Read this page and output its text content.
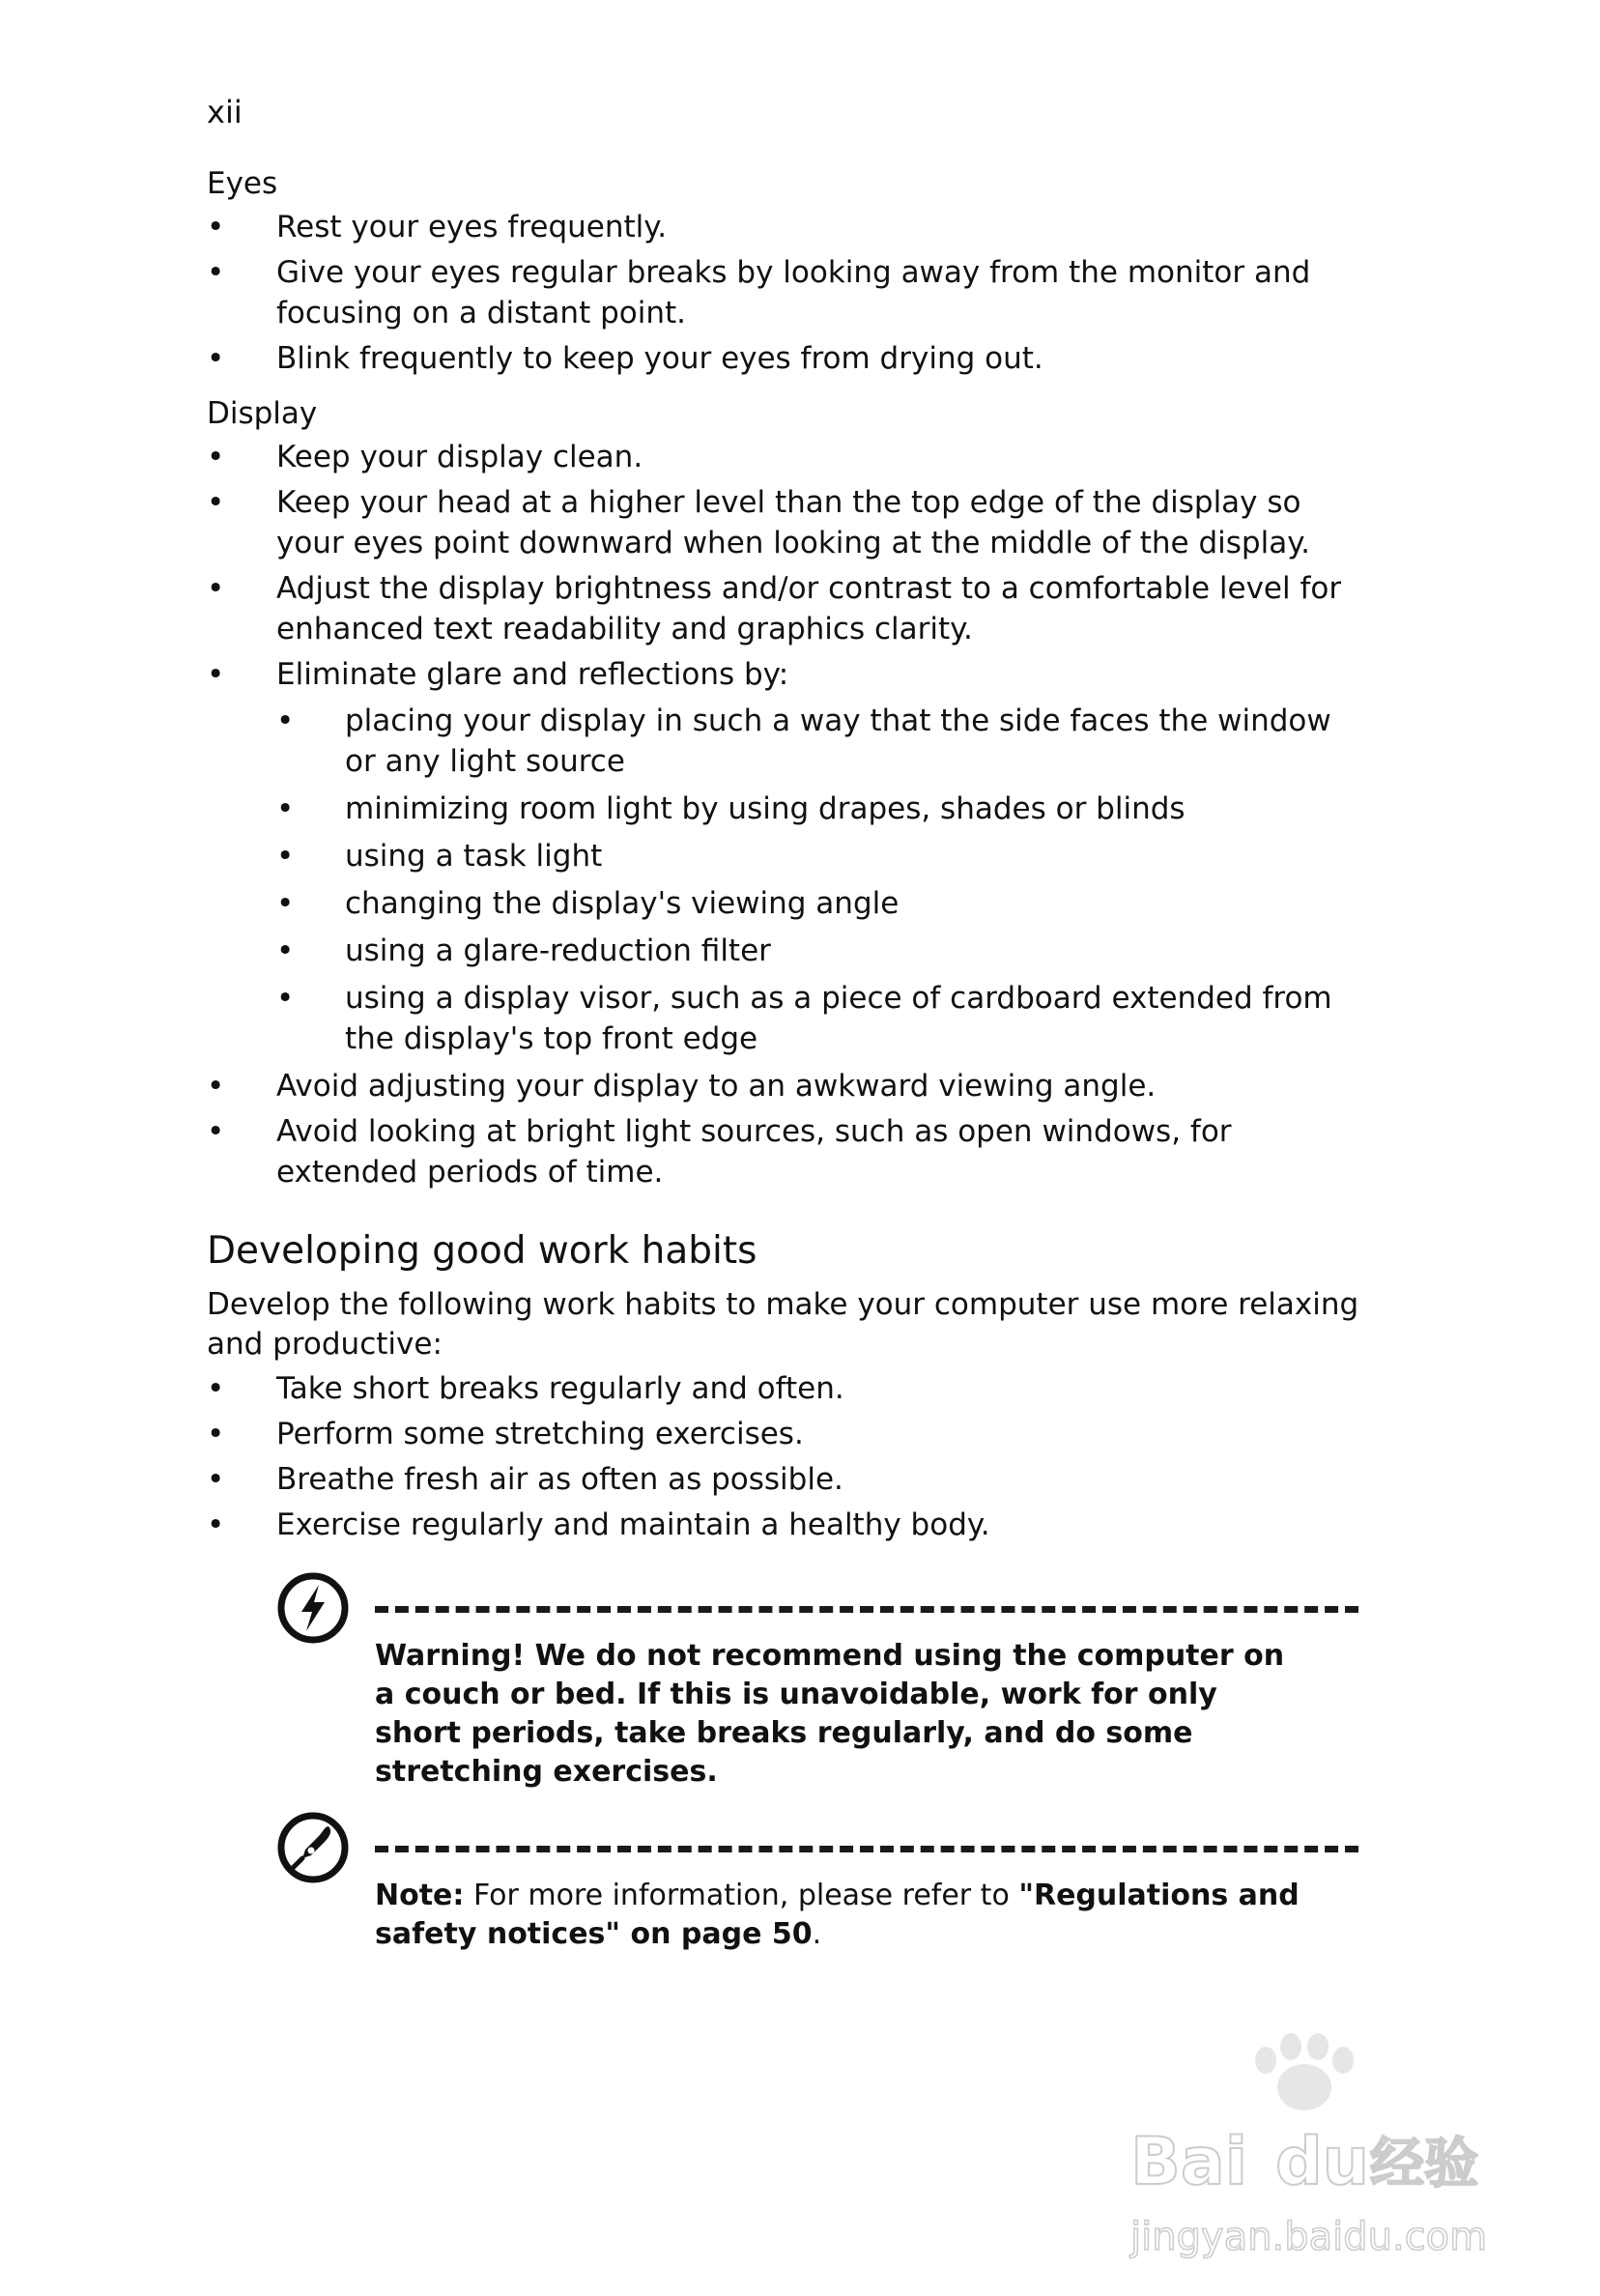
xii
Eyes
• Rest your eyes frequently.
• Give your eyes regular breaks by looking away from the monitor and focusing on a distant point.
• Blink frequently to keep your eyes from drying out.
Display
• Keep your display clean.
• Keep your head at a higher level than the top edge of the display so your eyes point downward when looking at the middle of the display.
• Adjust the display brightness and/or contrast to a comfortable level for enhanced text readability and graphics clarity.
• Eliminate glare and reflections by:
• placing your display in such a way that the side faces the window or any light source
• minimizing room light by using drapes, shades or blinds
• using a task light
• changing the display's viewing angle
• using a glare-reduction filter
• using a display visor, such as a piece of cardboard extended from the display's top front edge
• Avoid adjusting your display to an awkward viewing angle.
• Avoid looking at bright light sources, such as open windows, for extended periods of time.
Developing good work habits

Develop the following work habits to make your computer use more relaxing and productive:

• Take short breaks regularly and often.
• Perform some stretching exercises.
• Breathe fresh air as often as possible.
• Exercise regularly and maintain a healthy body.
Warning! We do not recommend using the computer on a couch or bed. If this is unavoidable, work for only short periods, take breaks regularly, and do some stretching exercises.
Note: For more information, please refer to "Regulations and safety notices" on page 50.
Bai du 经验
jingyan.baidu.com
